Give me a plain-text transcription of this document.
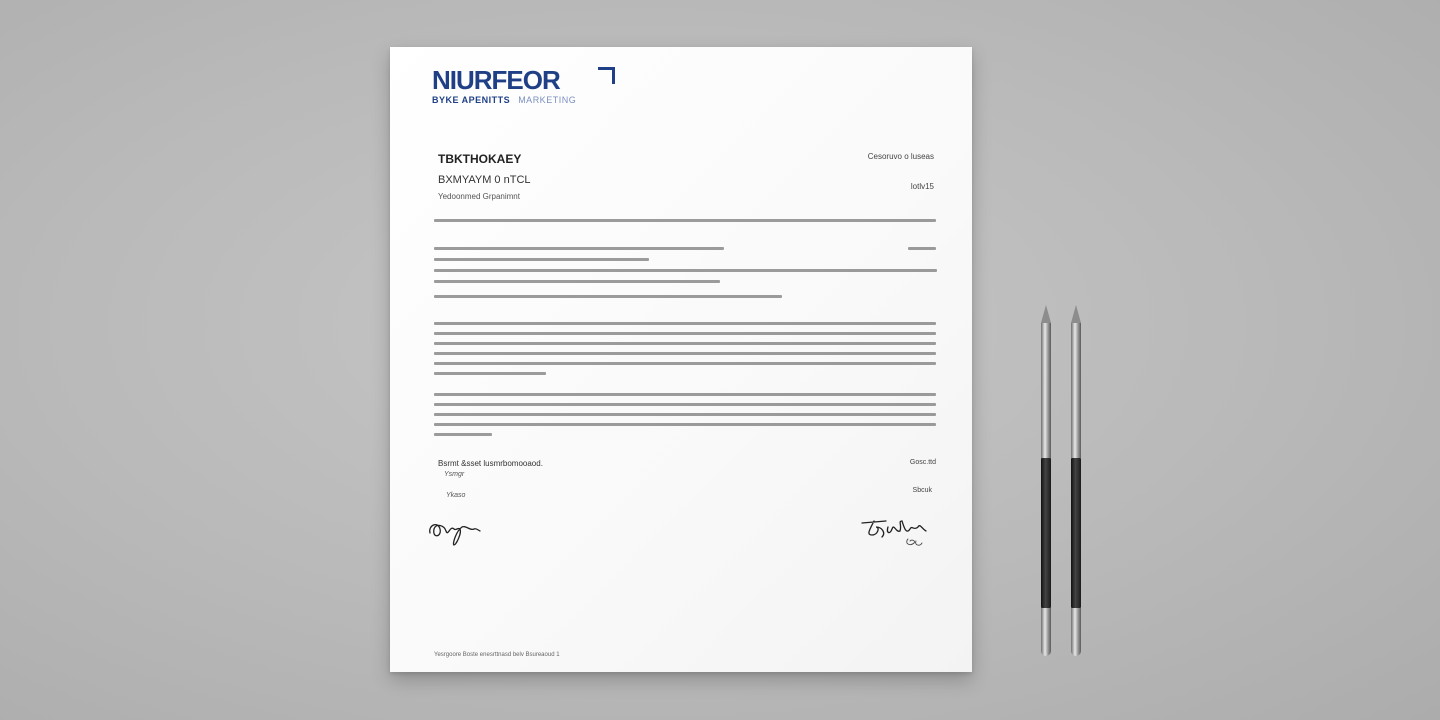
NIURFEOR
BYKE APENITTS MARKETING
TBKTHOKAEY
BXMYAYM 0 nTCL
Yedoonmed Grpanimnt
Cesoruvo o luseas
lotlv15
Bsrmt &sset lusmrbomooaod.
Ysmgr
Ykaso
Gosc.ttd
Sbcuk
Yesrgoore Boste enesrttnasd belv Bsureaoud 1
